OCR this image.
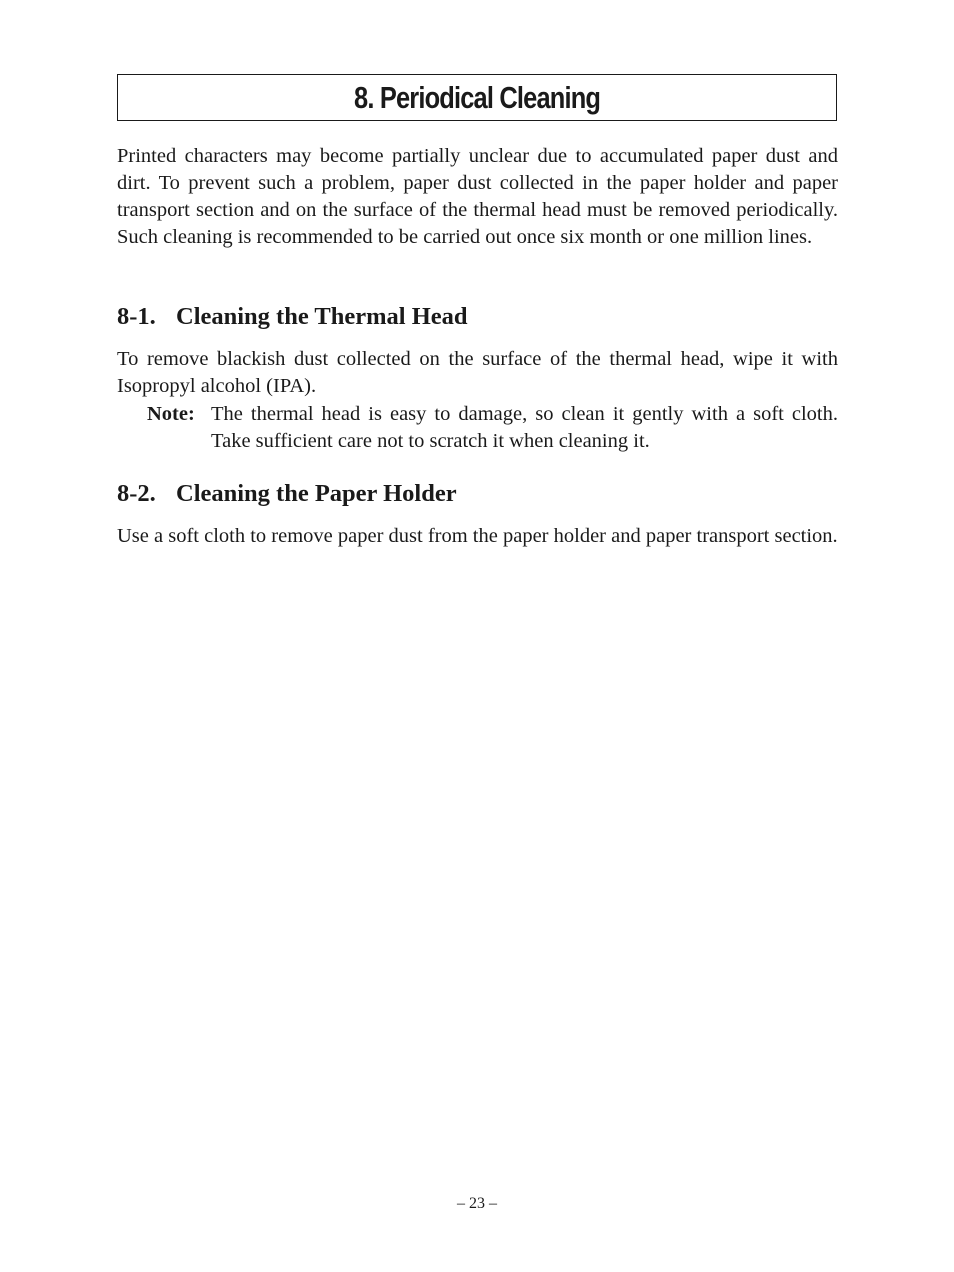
8. Periodical Cleaning

Printed characters may become partially unclear due to accumulated paper dust and dirt. To prevent such a problem, paper dust collected in the paper holder and paper transport section and on the surface of the thermal head must be removed periodically. Such cleaning is recommended to be carried out once six month or one million lines.

8-1. Cleaning the Thermal Head

To remove blackish dust collected on the surface of the thermal head, wipe it with Isopropyl alcohol (IPA).

Note: The thermal head is easy to damage, so clean it gently with a soft cloth. Take sufficient care not to scratch it when cleaning it.
8-2. Cleaning the Paper Holder

Use a soft cloth to remove paper dust from the paper holder and paper transport section.

– 23 –
